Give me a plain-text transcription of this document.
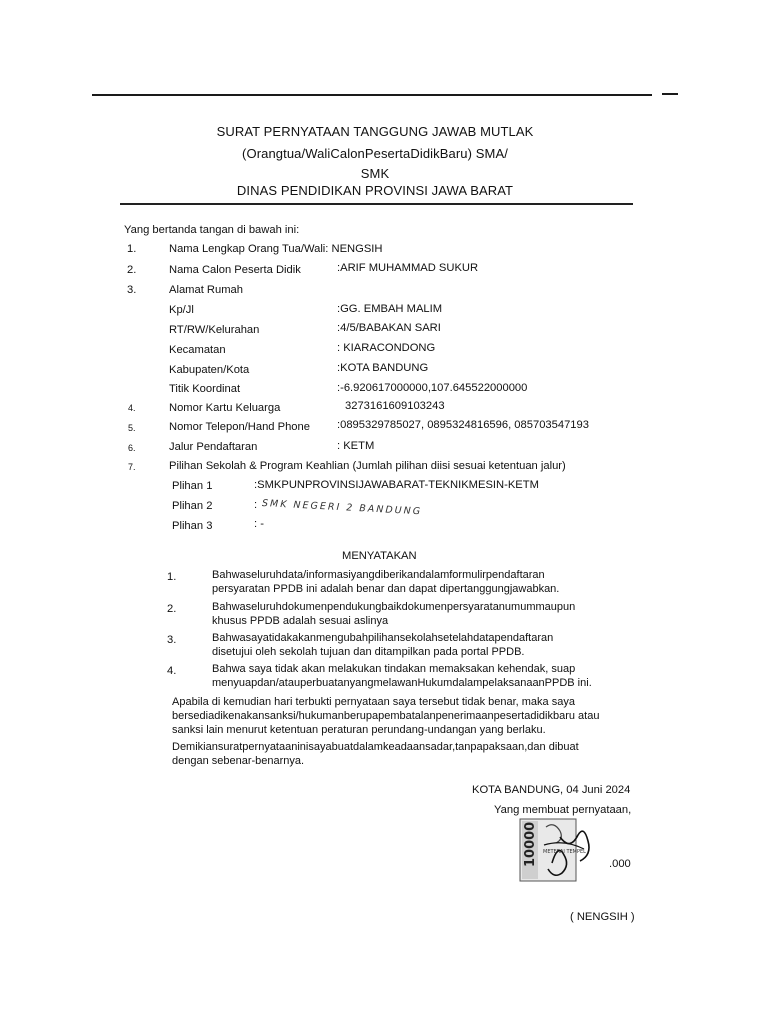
SURAT PERNYATAAN TANGGUNG JAWAB MUTLAK
(Orangtua/WaliCalonPesertaDidikBaru) SMA/
SMK
DINAS PENDIDIKAN PROVINSI JAWA BARAT
Yang bertanda tangan di bawah ini:
1.	Nama Lengkap Orang Tua/Wali: NENGSIH
2.	Nama Calon Peserta Didik	:ARIF MUHAMMAD SUKUR
3.	Alamat Rumah
Kp/Jl	:GG. EMBAH MALIM
RT/RW/Kelurahan	:4/5/BABAKAN SARI
Kecamatan	: KIARACONDONG
Kabupaten/Kota	:KOTA BANDUNG
Titik Koordinat	:-6.920617000000,107.645522000000
4.	Nomor Kartu Keluarga	3273161609103243
5.	Nomor Telepon/Hand Phone :0895329785027, 0895324816596, 085703547193
6.	Jalur Pendaftaran	: KETM
7.	Pilihan Sekolah & Program Keahlian (Jumlah pilihan diisi sesuai ketentuan jalur)
Plihan 1	:SMKPUNPROVINSIJAWABARAT-TEKNIKMESIN-KETM
Plihan 2	: SMK NEGERI 2 BANDUNG
Plihan 3	: -
MENYATAKAN
1.	Bahwaseluruhdata/informasiyangdiberikandalamformulirpendaftaran
persyaratan PPDB ini adalah benar dan dapat dipertanggungjawabkan.
2.	Bahwaseluruhdokumenpendukungbaikdokumenpersyaratanumummaupun
khusus PPDB adalah sesuai aslinya
3.	Bahwasayatidakakanmengubahpilihansekolahsetelahdatapendaftaran
disetujui oleh sekolah tujuan dan ditampilkan pada portal PPDB.
4.	Bahwa saya tidak akan melakukan tindakan memaksakan kehendak, suap
menyuapdan/atauperbuatanyangmelawanHukumdalampelaksanaanPPDB ini.
Apabila di kemudian hari terbukti pernyataan saya tersebut tidak benar, maka saya
bersediadikenakansanksi/hukumanberupapembatalanpenerimaanpesertadidikbaru atau
sanksi lain menurut ketentuan peraturan perundang-undangan yang berlaku.
Demikiansuratpernyataaninisayabuatdalamkeadaansadar,tanpapaksaan,dan dibuat
dengan sebenar-benarnya.
KOTA BANDUNG, 04 Juni 2024
Yang membuat pernyataan,
10000 METERAI TEMPEL
.000
( NENGSIH )
